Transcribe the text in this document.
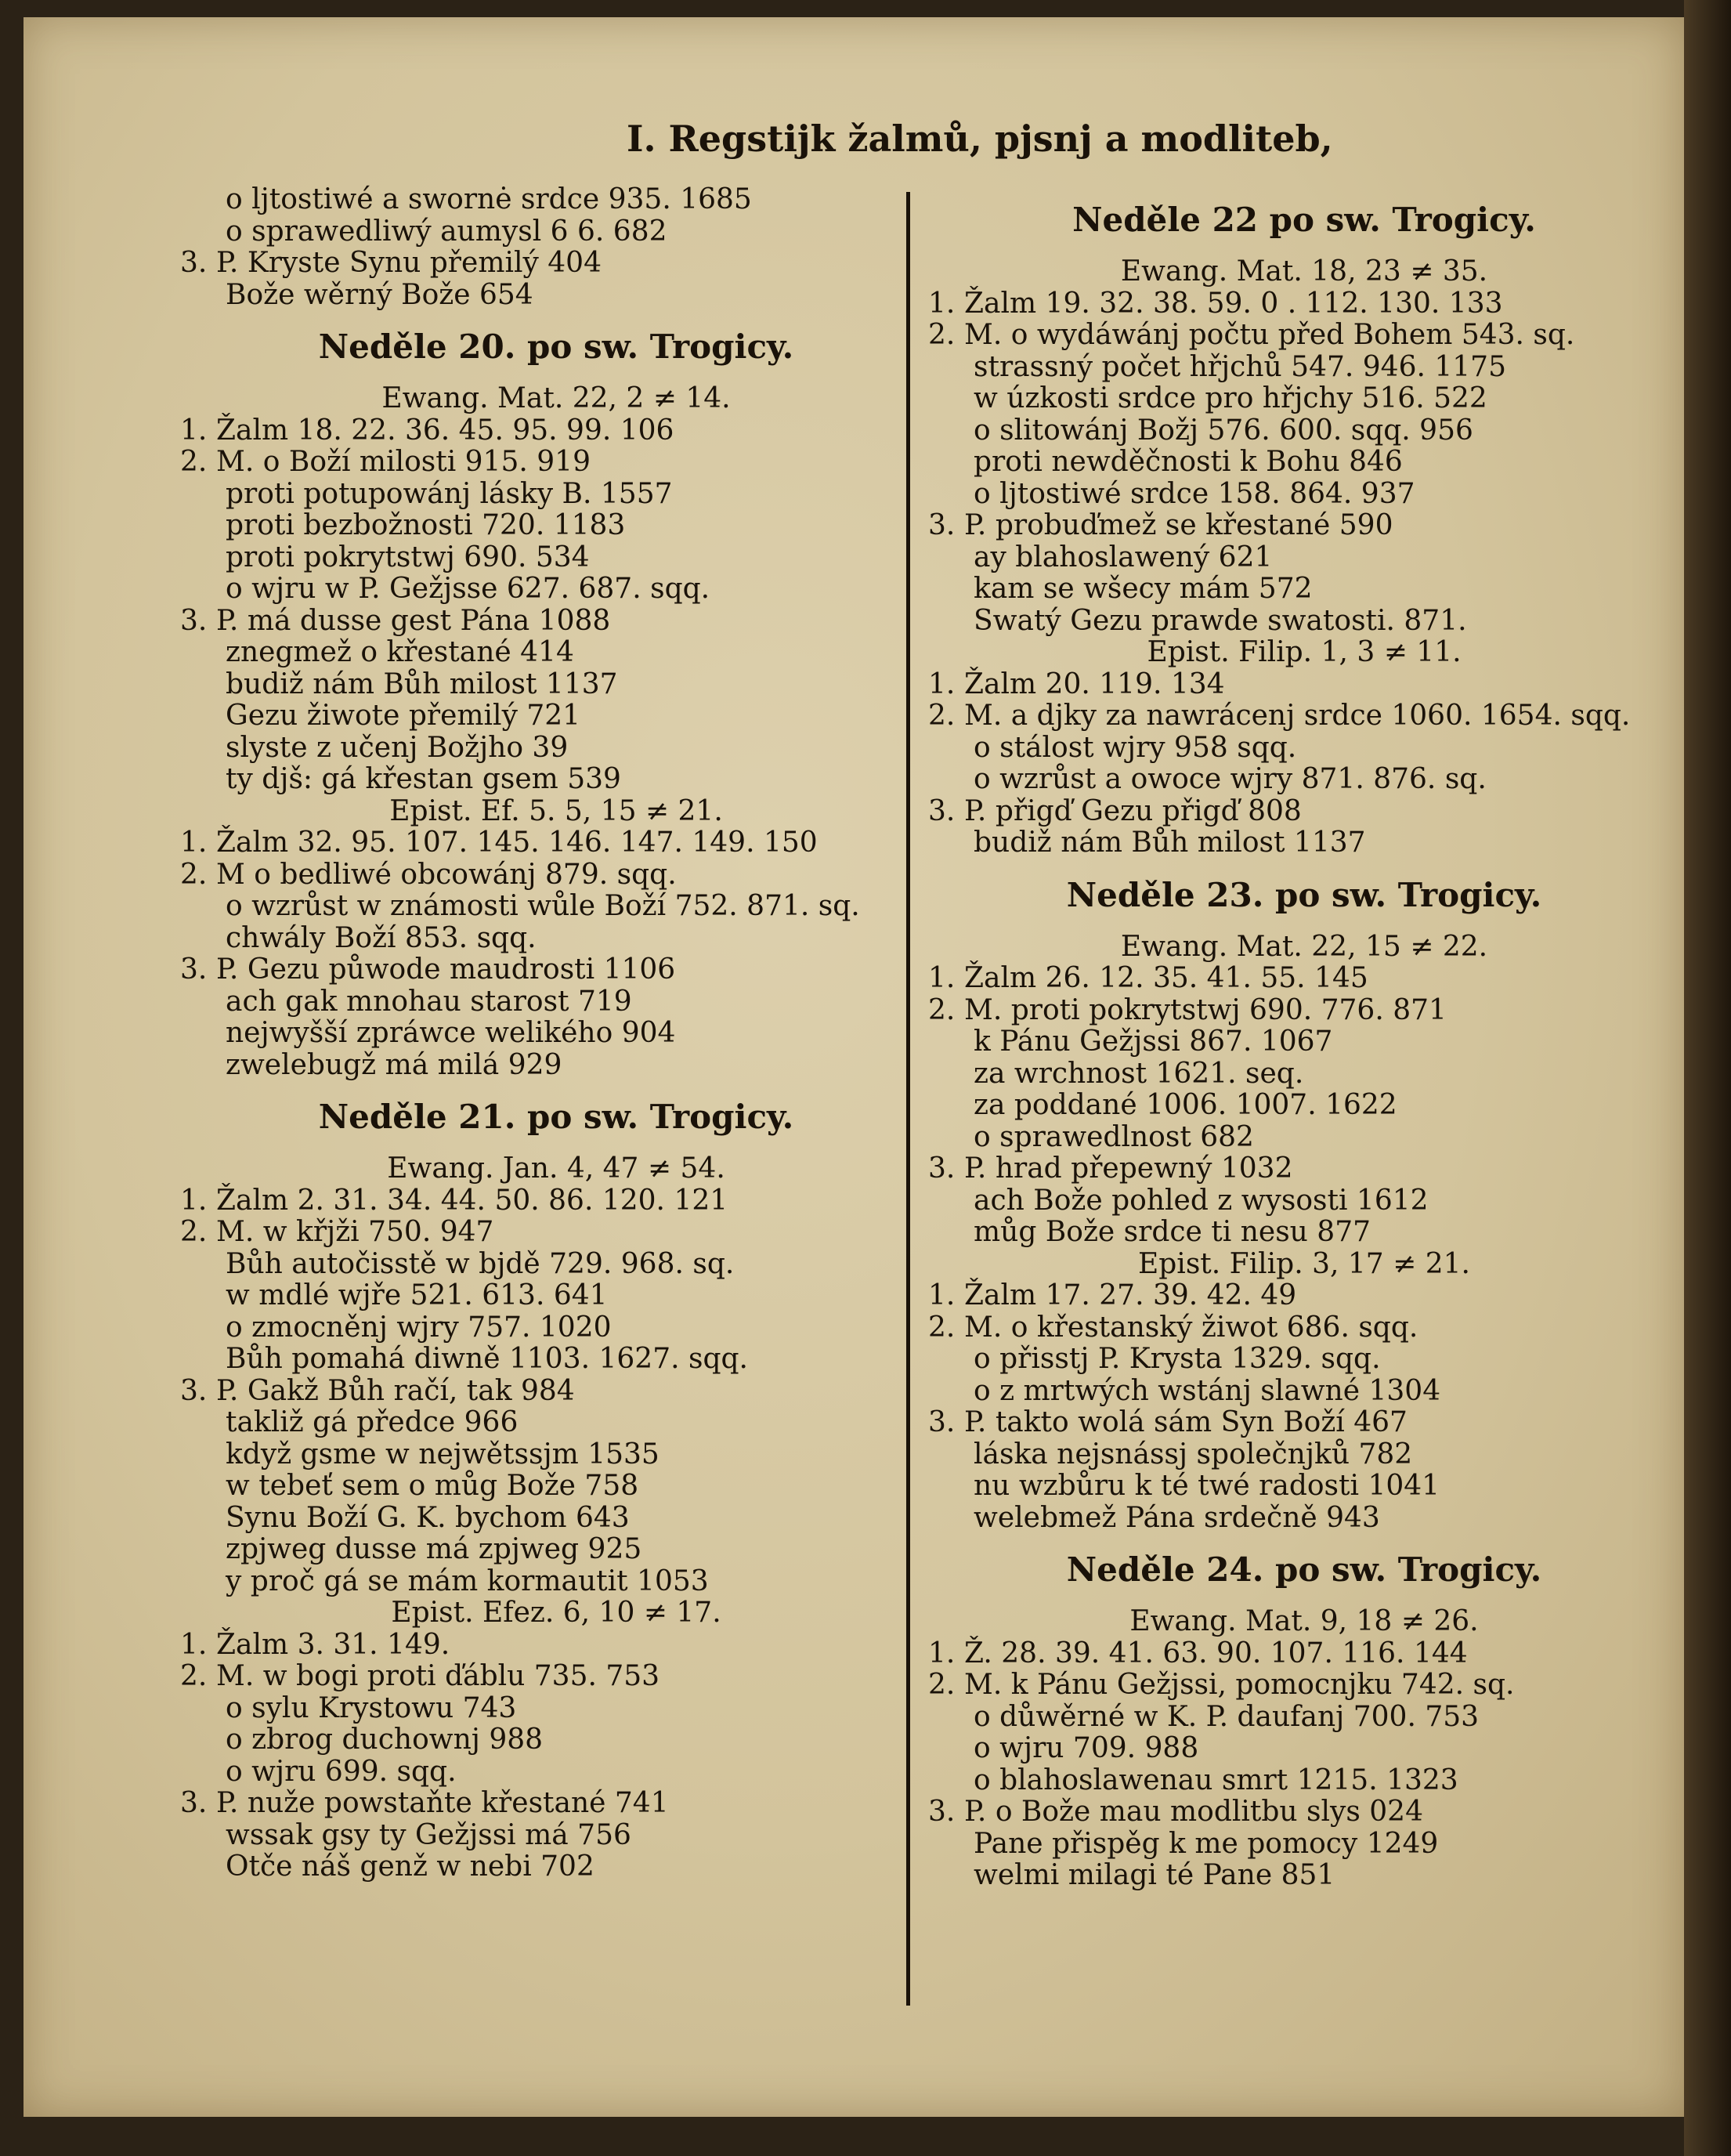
I. Regstijk žalmů, pjsnj a modliteb,
o ljtostiwé a swornė srdce 935. 1685
o sprawedliwý aumysl 6 6. 682
3. P. Kryste Synu přemilý 404
Bože wěrný Bože 654
Neděle 20. po sw. Trogicy.
Ewang. Mat. 22, 2 ≠ 14.
1. Žalm 18. 22. 36. 45. 95. 99. 106
2. M. o Boží milosti 915. 919
proti potupowánj lásky B. 1557
proti bezbožnosti 720. 1183
proti pokrytstwj 690. 534
o wjru w P. Gežjsse 627. 687. sqq.
3. P. má dusse gest Pána 1088
znegmež o křestané 414
budiž nám Bůh milost 1137
Gezu žiwote přemilý 721
slyste z učenj Božjho 39
ty djš: gá křestan gsem 539
Epist. Ef. 5. 5, 15 ≠ 21.
1. Žalm 32. 95. 107. 145. 146. 147. 149. 150
2. M o bedliwé obcowánj 879. sqq.
o wzrůst w známosti wůle Boží 752. 871. sq.
chwály Boží 853. sqq.
3. P. Gezu půwode maudrosti 1106
ach gak mnohau starost 719
nejwyšší zpráwce welikého 904
zwelebugž má milá 929
Neděle 21. po sw. Trogicy.
Ewang. Jan. 4, 47 ≠ 54.
1. Žalm 2. 31. 34. 44. 50. 86. 120. 121
2. M. w křjži 750. 947
Bůh autočisstě w bjdě 729. 968. sq.
w mdlé wjře 521. 613. 641
o zmocněnj wjry 757. 1020
Bůh pomahá diwně 1103. 1627. sqq.
3. P. Gakž Bůh račí, tak 984
takliž gá předce 966
když gsme w nejwětssjm 1535
w tebeť sem o můg Bože 758
Synu Boží G. K. bychom 643
zpjweg dusse má zpjweg 925
y proč gá se mám kormautit 1053
Epist. Efez. 6, 10 ≠ 17.
1. Žalm 3. 31. 149.
2. M. w bogi proti ďáblu 735. 753
o sylu Krystowu 743
o zbrog duchownj 988
o wjru 699. sqq.
3. P. nuže powstaňte křestané 741
wssak gsy ty Gežjssi má 756
Otče náš genž w nebi 702
Neděle 22 po sw. Trogicy.
Ewang. Mat. 18, 23 ≠ 35.
1. Žalm 19. 32. 38. 59. 0 . 112. 130. 133
2. M. o wydáwánj počtu před Bohem 543. sq.
strassný počet hřjchů 547. 946. 1175
w úzkosti srdce pro hřjchy 516. 522
o slitowánj Božj 576. 600. sqq. 956
proti newděčnosti k Bohu 846
o ljtostiwé srdce 158. 864. 937
3. P. probuďmež se křestané 590
ay blahoslawený 621
kam se wšecy mám 572
Swatý Gezu prawde swatosti. 871.
Epist. Filip. 1, 3 ≠ 11.
1. Žalm 20. 119. 134
2. M. a djky za nawrácenj srdce 1060. 1654. sqq.
o stálost wjry 958 sqq.
o wzrůst a owoce wjry 871. 876. sq.
3. P. přigď Gezu přigď 808
budiž nám Bůh milost 1137
Neděle 23. po sw. Trogicy.
Ewang. Mat. 22, 15 ≠ 22.
1. Žalm 26. 12. 35. 41. 55. 145
2. M. proti pokrytstwj 690. 776. 871
k Pánu Gežjssi 867. 1067
za wrchnost 1621. seq.
za poddané 1006. 1007. 1622
o sprawedlnost 682
3. P. hrad přepewný 1032
ach Bože pohled z wysosti 1612
můg Bože srdce ti nesu 877
Epist. Filip. 3, 17 ≠ 21.
1. Žalm 17. 27. 39. 42. 49
2. M. o křestanský žiwot 686. sqq.
o přisstj P. Krysta 1329. sqq.
o z mrtwých wstánj slawné 1304
3. P. takto wolá sám Syn Boží 467
láska nejsnássj společnjků 782
nu wzbůru k té twé radosti 1041
welebmež Pána srdečně 943
Neděle 24. po sw. Trogicy.
Ewang. Mat. 9, 18 ≠ 26.
1. Ž. 28. 39. 41. 63. 90. 107. 116. 144
2. M. k Pánu Gežjssi, pomocnjku 742. sq.
o důwěrné w K. P. daufanj 700. 753
o wjru 709. 988
o blahoslawenau smrt 1215. 1323
3. P. o Bože mau modlitbu slys 024
Pane přispěg k me pomocy 1249
welmi milagi té Pane 851
